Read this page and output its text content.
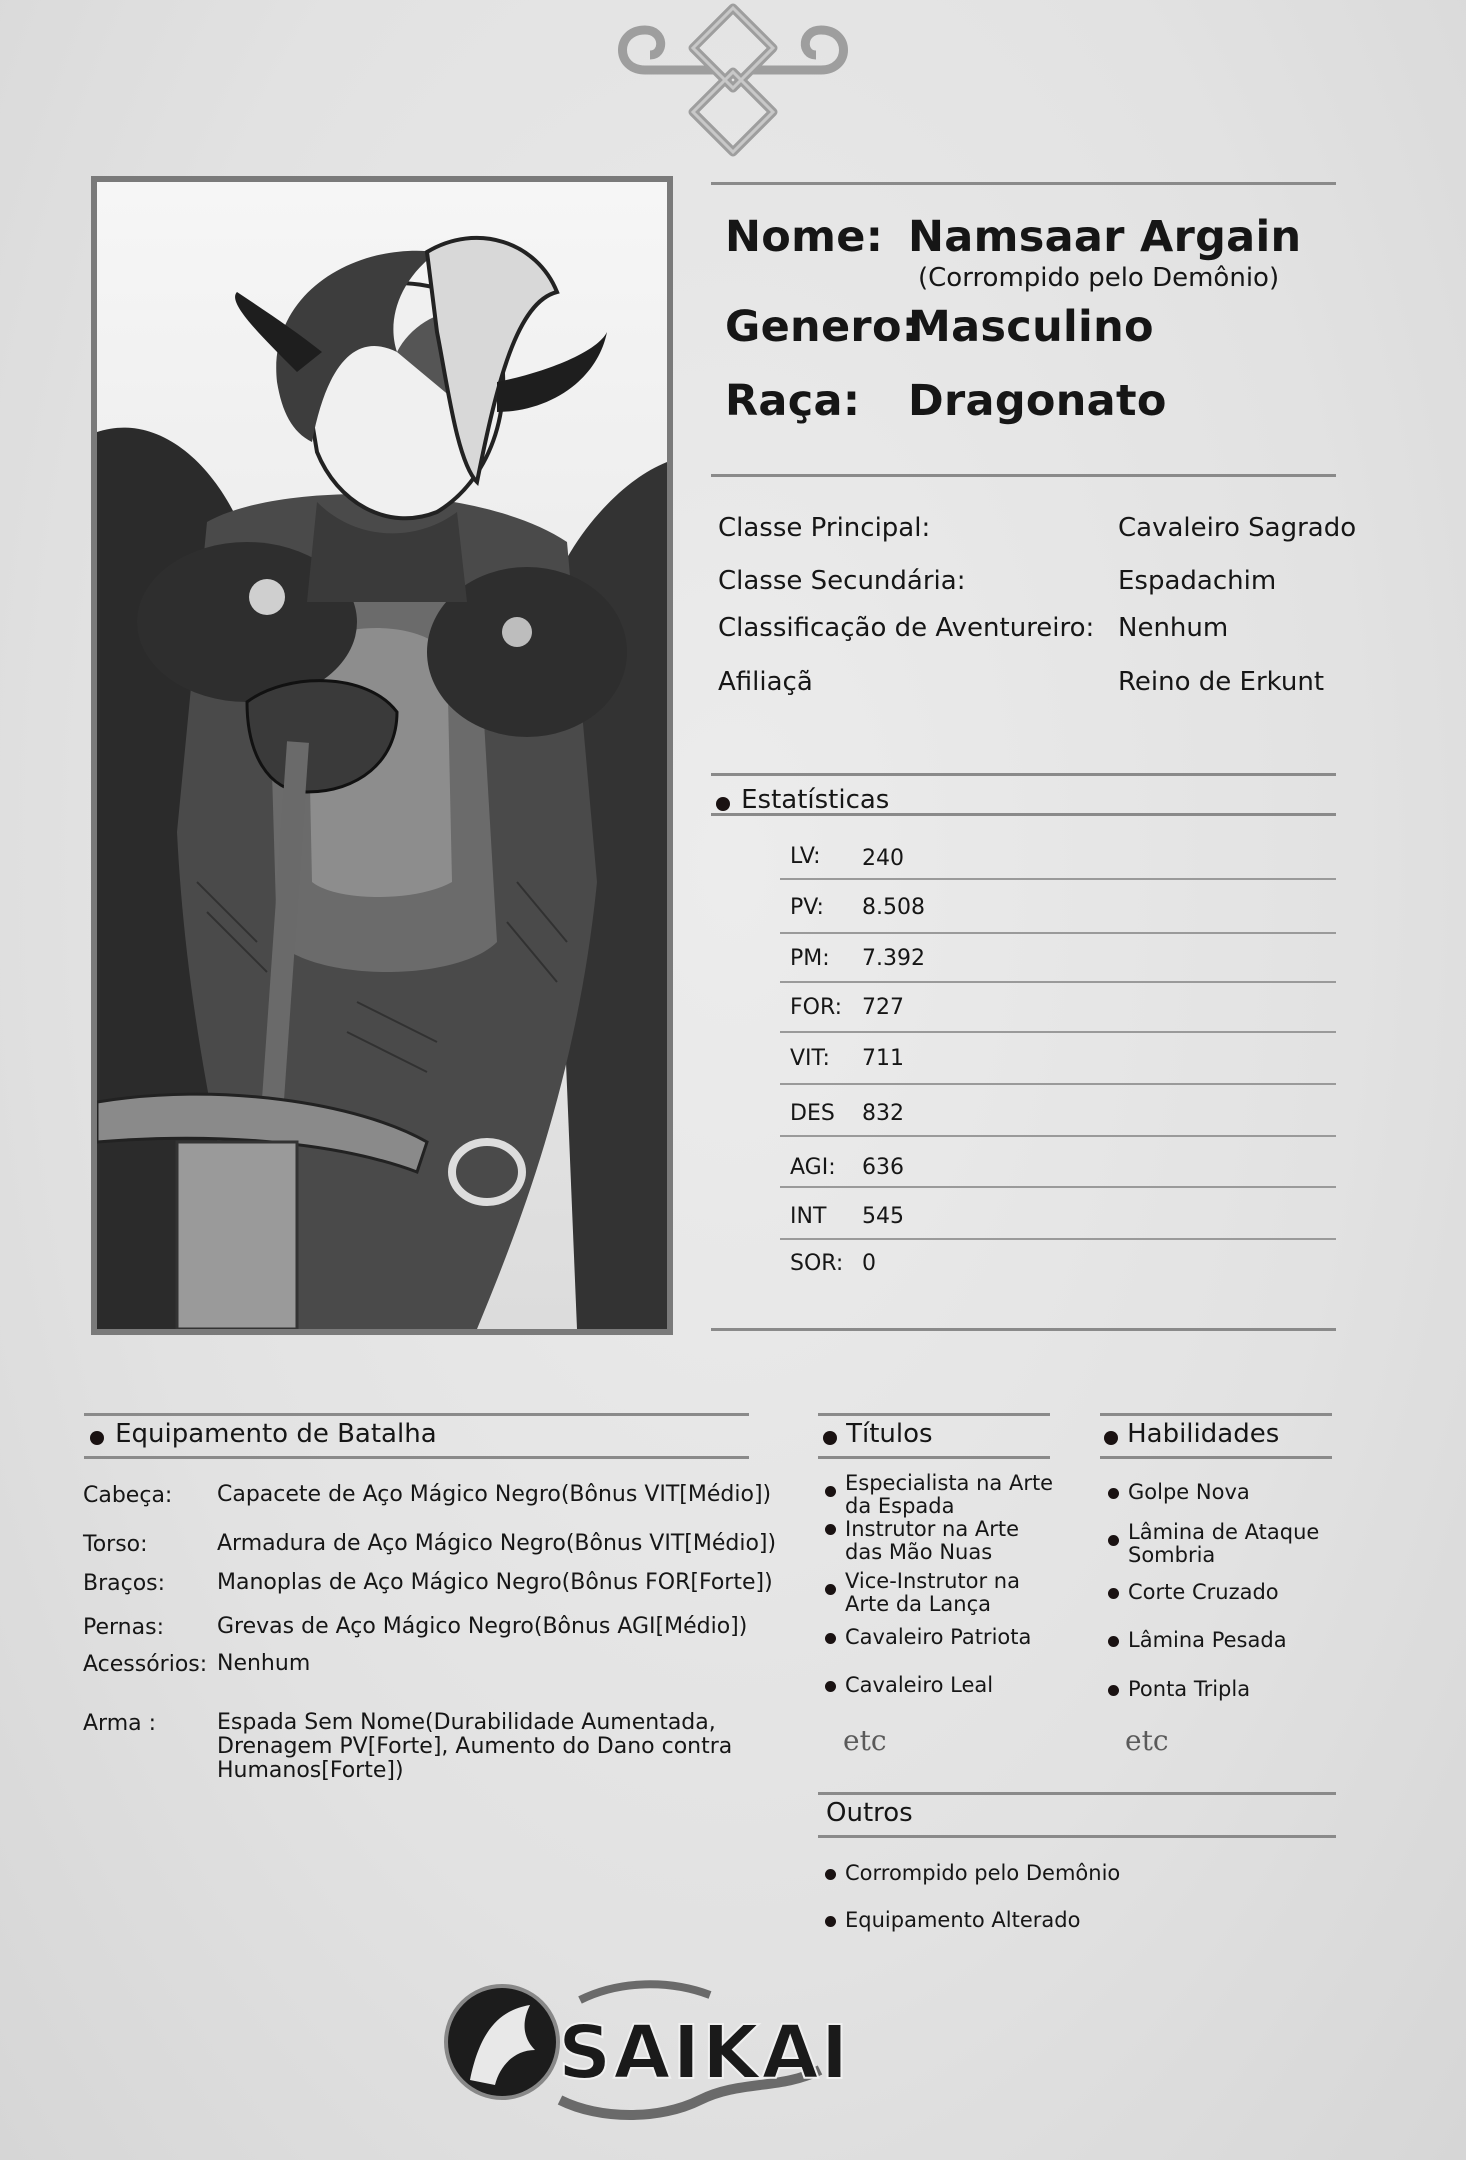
Nome: Namsaar Argain
(Corrompido pelo Demônio)
Genero:
Masculino
Raça: Dragonato
Classe Principal:	Cavaleiro Sagrado
Classe Secundária:	Espadachim
Classificação de Aventureiro: Nenhum
Afiliaçã	Reino de Erkunt
Estatísticas
LV: 240
PV: 8.508
PM: 7.392
FOR: 727
VIT: 711
DES 832
AGI: 636
INT 545
SOR: 0
Equipamento de Batalha
Cabeça: Capacete de Aço Mágico Negro(Bônus VIT[Médio])
Torso:	Armadura de Aço Mágico Negro(Bônus VIT[Médio])
Braços: Manoplas de Aço Mágico Negro(Bônus FOR[Forte])
Pernas: Grevas de Aço Mágico Negro(Bônus AGI[Médio])
Acessórios: Nenhum
Arma :	Espada Sem Nome(Durabilidade Aumentada,
Drenagem PV[Forte], Aumento do Dano contra
Humanos[Forte])
Títulos
Especialista na Arte
da Espada
Instrutor na Arte
das Mão Nuas
Vice-Instrutor na
Arte da Lança
Cavaleiro Patriota
Cavaleiro Leal
etc
Habilidades
Golpe Nova
Lâmina de Ataque
Sombria
Corte Cruzado
Lâmina Pesada
Ponta Tripla
etc
Outros
Corrompido pelo Demônio
Equipamento Alterado
SAIKAI
